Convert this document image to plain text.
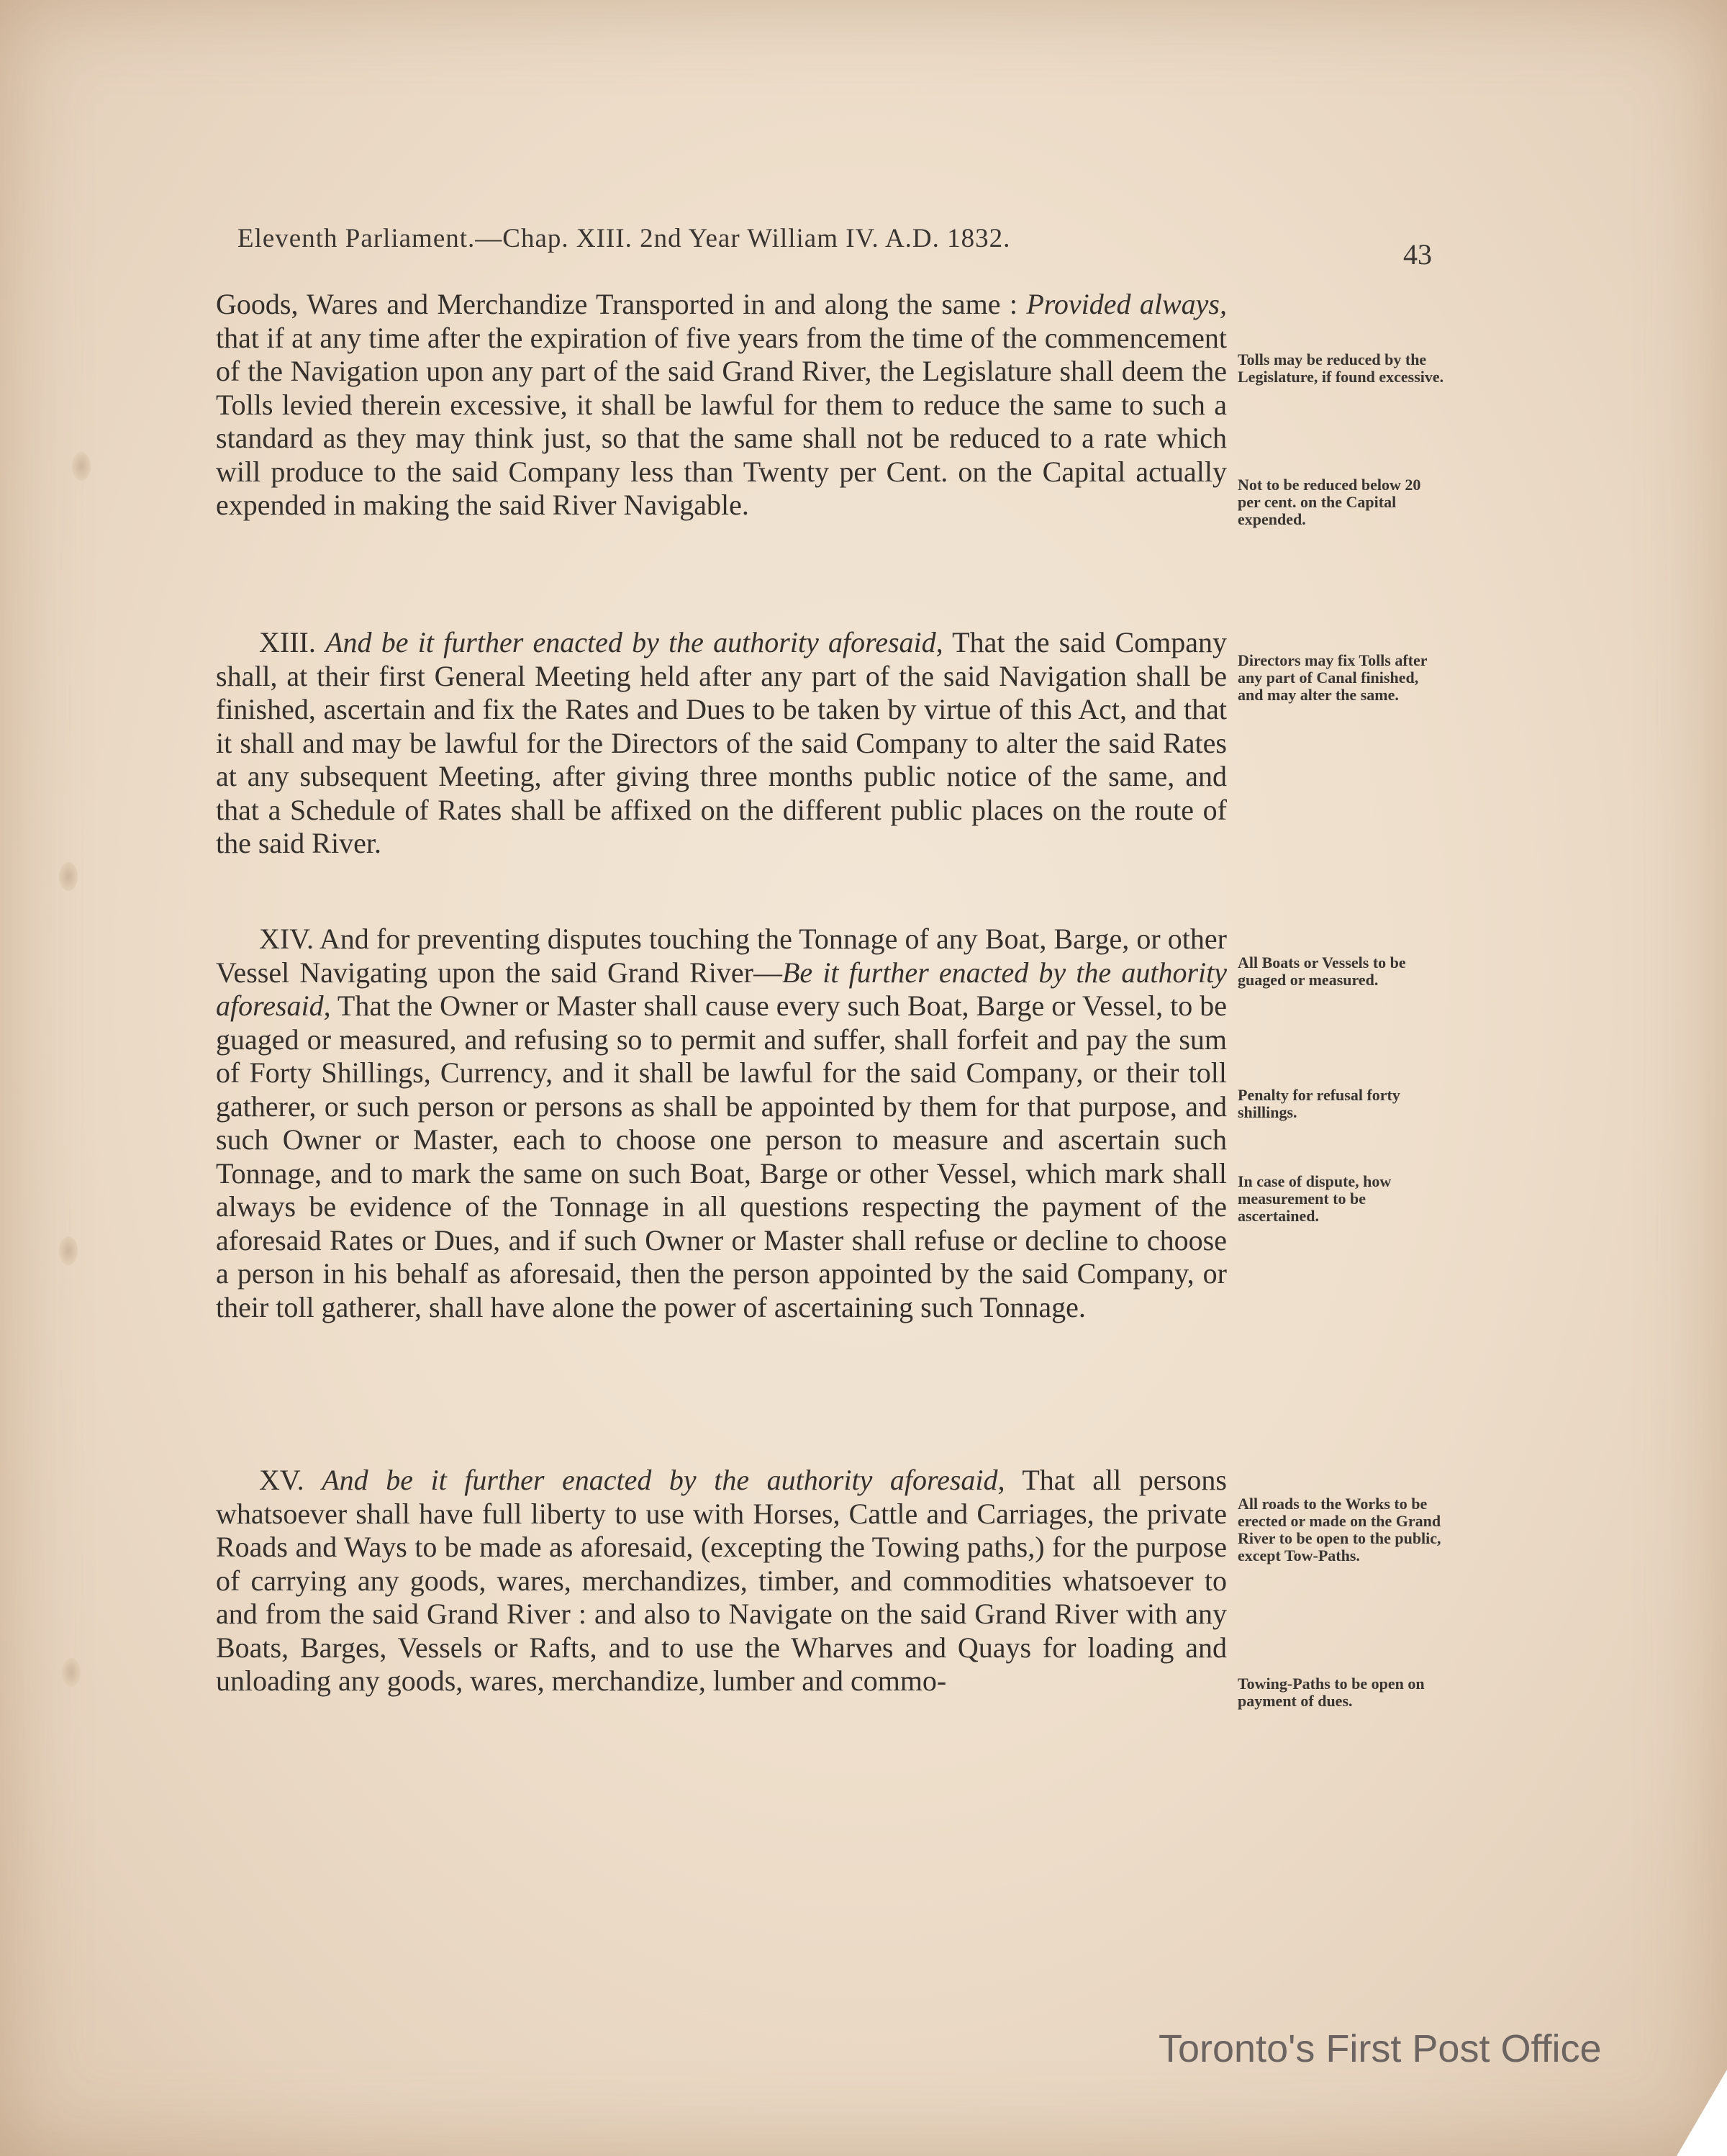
Eleventh Parliament.—Chap. XIII. 2nd Year William IV. A.D. 1832.	43

Goods, Wares and Merchandize Transported in and along the same : Provided always, that if at any time after the expiration of five years from the time of the commencement of the Navigation upon any part of the said Grand River, the Legislature shall deem the Tolls levied therein excessive, it shall be lawful for them to reduce the same to such a standard as they may think just, so that the same shall not be reduced to a rate which will produce to the said Company less than Twenty per Cent. on the Capital actually expended in making the said River Navigable.

XIII. And be it further enacted by the authority aforesaid, That the said Company shall, at their first General Meeting held after any part of the said Navigation shall be finished, ascertain and fix the Rates and Dues to be taken by virtue of this Act, and that it shall and may be lawful for the Directors of the said Company to alter the said Rates at any subsequent Meeting, after giving three months public notice of the same, and that a Schedule of Rates shall be affixed on the different public places on the route of the said River.

XIV. And for preventing disputes touching the Tonnage of any Boat, Barge, or other Vessel Navigating upon the said Grand River—Be it further enacted by the authority aforesaid, That the Owner or Master shall cause every such Boat, Barge or Vessel, to be guaged or measured, and refusing so to permit and suffer, shall forfeit and pay the sum of Forty Shillings, Currency, and it shall be lawful for the said Company, or their toll gatherer, or such person or persons as shall be appointed by them for that purpose, and such Owner or Master, each to choose one person to measure and ascertain such Tonnage, and to mark the same on such Boat, Barge or other Vessel, which mark shall always be evidence of the Tonnage in all questions respecting the payment of the aforesaid Rates or Dues, and if such Owner or Master shall refuse or decline to choose a person in his behalf as aforesaid, then the person appointed by the said Company, or their toll gatherer, shall have alone the power of ascertaining such Tonnage.

XV. And be it further enacted by the authority aforesaid, That all persons whatsoever shall have full liberty to use with Horses, Cattle and Carriages, the private Roads and Ways to be made as aforesaid, (excepting the Towing paths,) for the purpose of carrying any goods, wares, merchandizes, timber, and commodities whatsoever to and from the said Grand River : and also to Navigate on the said Grand River with any Boats, Barges, Vessels or Rafts, and to use the Wharves and Quays for loading and unloading any goods, wares, merchandize, lumber and commo-

Tolls may be reduced by the Legislature, if found excessive.
Not to be reduced below 20 per cent. on the Capital expended.
Directors may fix Tolls after any part of Canal finished, and may alter the same.
All Boats or Vessels to be guaged or measured.
Penalty for refusal forty shillings.
In case of dispute, how measurement to be ascertained.
All roads to the Works to be erected or made on the Grand River to be open to the public, except Tow-Paths.
Towing-Paths to be open on payment of dues.
Toronto's First Post Office
